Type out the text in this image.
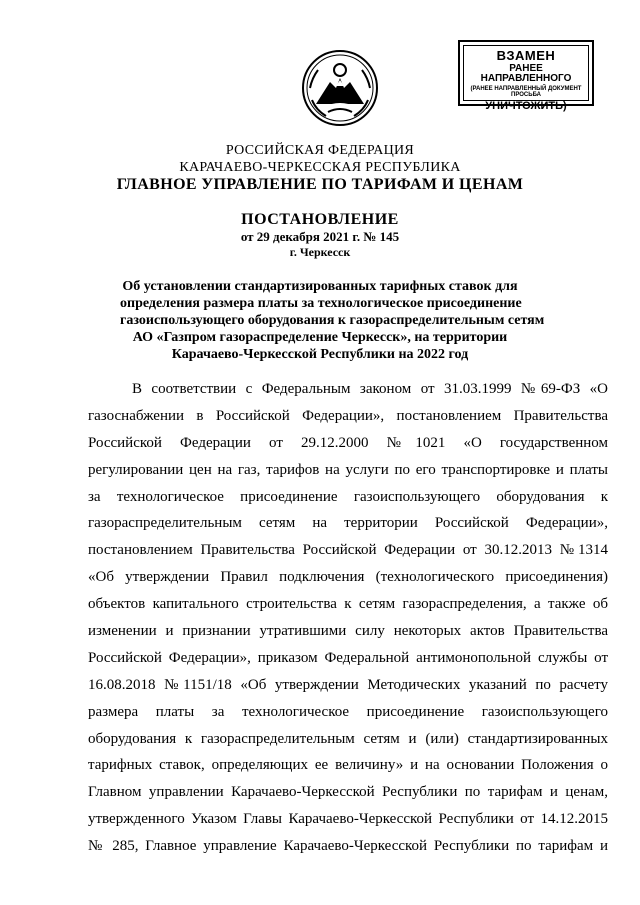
ВЗАМЕН
РАНЕЕ НАПРАВЛЕННОГО
(РАНЕЕ НАПРАВЛЕННЫЙ ДОКУМЕНТ ПРОСЬБА
УНИЧТОЖИТЬ)
РОССИЙСКАЯ ФЕДЕРАЦИЯ
КАРАЧАЕВО-ЧЕРКЕССКАЯ РЕСПУБЛИКА
ГЛАВНОЕ УПРАВЛЕНИЕ ПО ТАРИФАМ И ЦЕНАМ
ПОСТАНОВЛЕНИЕ
от 29 декабря 2021 г. № 145
г. Черкесск
Об установлении стандартизированных тарифных ставок для
определения размера платы за технологическое присоединение
газоиспользующего оборудования к газораспределительным сетям
АО «Газпром газораспределение Черкесск», на территории
Карачаево-Черкесской Республики на 2022 год
В соответствии с Федеральным законом от 31.03.1999 №69-ФЗ «О
газоснабжении в Российской Федерации», постановлением Правительства
Российской Федерации от 29.12.2000 №1021 «О государственном
регулировании цен на газ, тарифов на услуги по его транспортировке и платы
за технологическое присоединение газоиспользующего оборудования к
газораспределительным сетям на территории Российской Федерации»,
постановлением Правительства Российской Федерации от 30.12.2013 №1314
«Об утверждении Правил подключения (технологического присоединения)
объектов капитального строительства к сетям газораспределения, а также об
изменении и признании утратившими силу некоторых актов Правительства
Российской Федерации», приказом Федеральной антимонопольной службы от
16.08.2018 №1151/18 «Об утверждении Методических указаний по расчету
размера платы за технологическое присоединение газоиспользующего
оборудования к газораспределительным сетям и (или) стандартизированных
тарифных ставок, определяющих ее величину» и на основании Положения о
Главном управлении Карачаево-Черкесской Республики по тарифам и ценам,
утвержденного Указом Главы Карачаево-Черкесской Республики от 14.12.2015
№ 285, Главное управление Карачаево-Черкесской Республики по тарифам и
